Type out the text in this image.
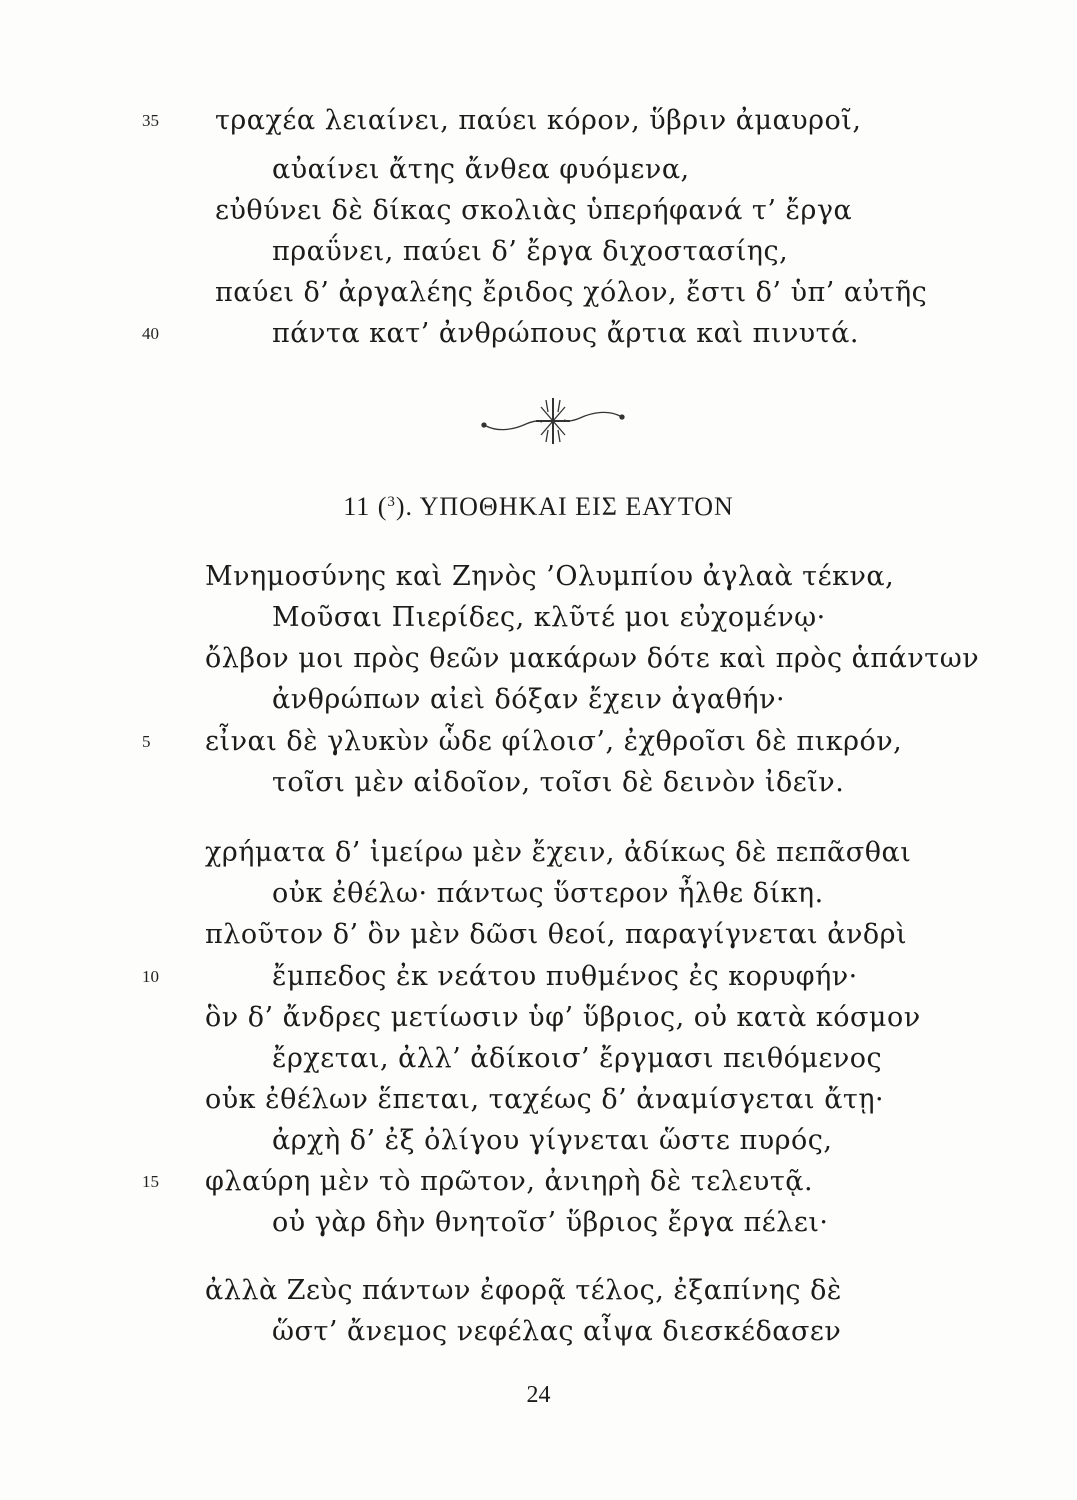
35 τραχέα λειαίνει, παύει κόρον, ὕβριν ἀμαυροῖ,
αὐαίνει ἄτης ἄνθεα φυόμενα,
εὐθύνει δὲ δίκας σκολιὰς ὑπερήφανά τ’ ἔργα
πραΰνει, παύει δ’ ἔργα διχοστασίης,
παύει δ’ ἀργαλέης ἔριδος χόλον, ἔστι δ’ ὑπ’ αὐτῆς
40	πάντα κατ’ ἀνθρώπους ἄρτια καὶ πινυτά.
11 ($^3$). ΥΠΟΘΗΚΑΙ ΕΙΣ ΕΑΥΤΟΝ
Μνημοσύνης καὶ Ζηνὸς ’Ολυμπίου ἀγλαὰ τέκνα,
Μοῦσαι Πιερίδες, κλῦτέ μοι εὐχομένῳ·
ὄλβον μοι πρὸς θεῶν μακάρων δότε καὶ πρὸς ἁπάντων
ἀνθρώπων αἰεὶ δόξαν ἔχειν ἀγαθήν·
5 εἶναι δὲ γλυκὺν ὧδε φίλοισ’, ἐχθροῖσι δὲ πικρόν,
τοῖσι μὲν αἰδοῖον, τοῖσι δὲ δεινὸν ἰδεῖν.
χρήματα δ’ ἱμείρω μὲν ἔχειν, ἀδίκως δὲ πεπᾶσθαι
οὐκ ἐθέλω· πάντως ὕστερον ἦλθε δίκη.
πλοῦτον δ’ ὃν μὲν δῶσι θεοί, παραγίγνεται ἀνδρὶ
10	ἔμπεδος ἐκ νεάτου πυθμένος ἐς κορυφήν·
ὃν δ’ ἄνδρες μετίωσιν ὑφ’ ὕβριος, οὐ κατὰ κόσμον
ἔρχεται, ἀλλ’ ἀδίκοισ’ ἔργμασι πειθόμενος
οὐκ ἐθέλων ἕπεται, ταχέως δ’ ἀναμίσγεται ἄτῃ·
ἀρχὴ δ’ ἐξ ὀλίγου γίγνεται ὥστε πυρός,
15 φλαύρη μὲν τὸ πρῶτον, ἀνιηρὴ δὲ τελευτᾷ.
οὐ γὰρ δὴν θνητοῖσ’ ὕβριος ἔργα πέλει·
ἀλλὰ Ζεὺς πάντων ἐφορᾷ τέλος, ἐξαπίνης δὲ
ὥστ’ ἄνεμος νεφέλας αἶψα διεσκέδασεν
24
